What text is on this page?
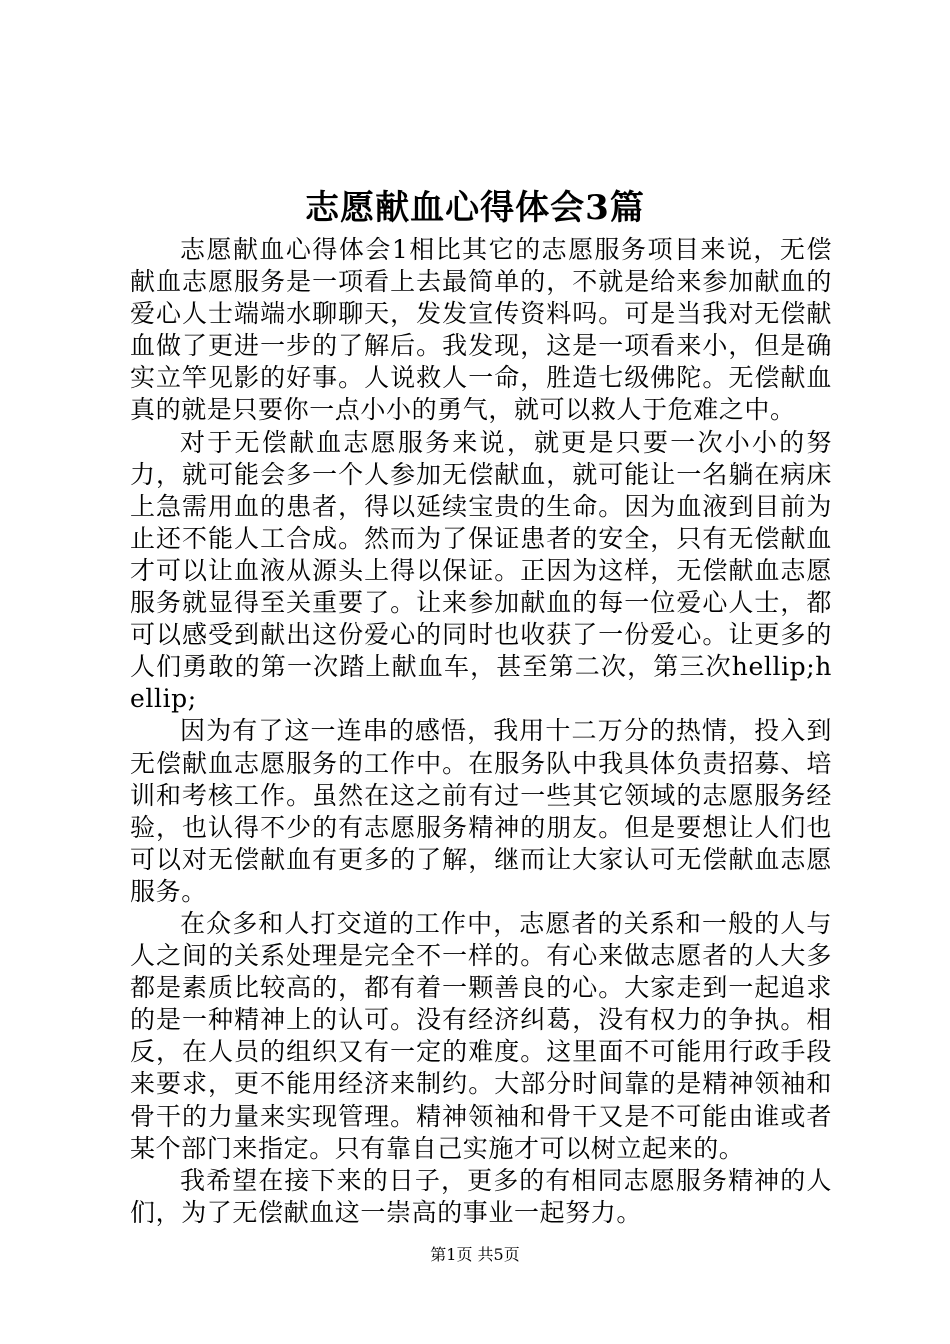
志愿献血心得体会3篇

志愿献血心得体会1相比其它的志愿服务项目来说，无偿献血志愿服务是一项看上去最简单的，不就是给来参加献血的爱心人士端端水聊聊天，发发宣传资料吗。可是当我对无偿献血做了更进一步的了解后。我发现，这是一项看来小，但是确实立竿见影的好事。人说救人一命，胜造七级佛陀。无偿献血真的就是只要你一点小小的勇气，就可以救人于危难之中。

对于无偿献血志愿服务来说，就更是只要一次小小的努力，就可能会多一个人参加无偿献血，就可能让一名躺在病床上急需用血的患者，得以延续宝贵的生命。因为血液到目前为止还不能人工合成。然而为了保证患者的安全，只有无偿献血才可以让血液从源头上得以保证。正因为这样，无偿献血志愿服务就显得至关重要了。让来参加献血的每一位爱心人士，都可以感受到献出这份爱心的同时也收获了一份爱心。让更多的人们勇敢的第一次踏上献血车，甚至第二次，第三次hellip;hellip;

因为有了这一连串的感悟，我用十二万分的热情，投入到无偿献血志愿服务的工作中。在服务队中我具体负责招募、培训和考核工作。虽然在这之前有过一些其它领域的志愿服务经验，也认得不少的有志愿服务精神的朋友。但是要想让人们也可以对无偿献血有更多的了解，继而让大家认可无偿献血志愿服务。

在众多和人打交道的工作中，志愿者的关系和一般的人与人之间的关系处理是完全不一样的。有心来做志愿者的人大多都是素质比较高的，都有着一颗善良的心。大家走到一起追求的是一种精神上的认可。没有经济纠葛，没有权力的争执。相反，在人员的组织又有一定的难度。这里面不可能用行政手段来要求，更不能用经济来制约。大部分时间靠的是精神领袖和骨干的力量来实现管理。精神领袖和骨干又是不可能由谁或者某个部门来指定。只有靠自己实施才可以树立起来的。

我希望在接下来的日子，更多的有相同志愿服务精神的人们，为了无偿献血这一崇高的事业一起努力。

第1页 共5页
